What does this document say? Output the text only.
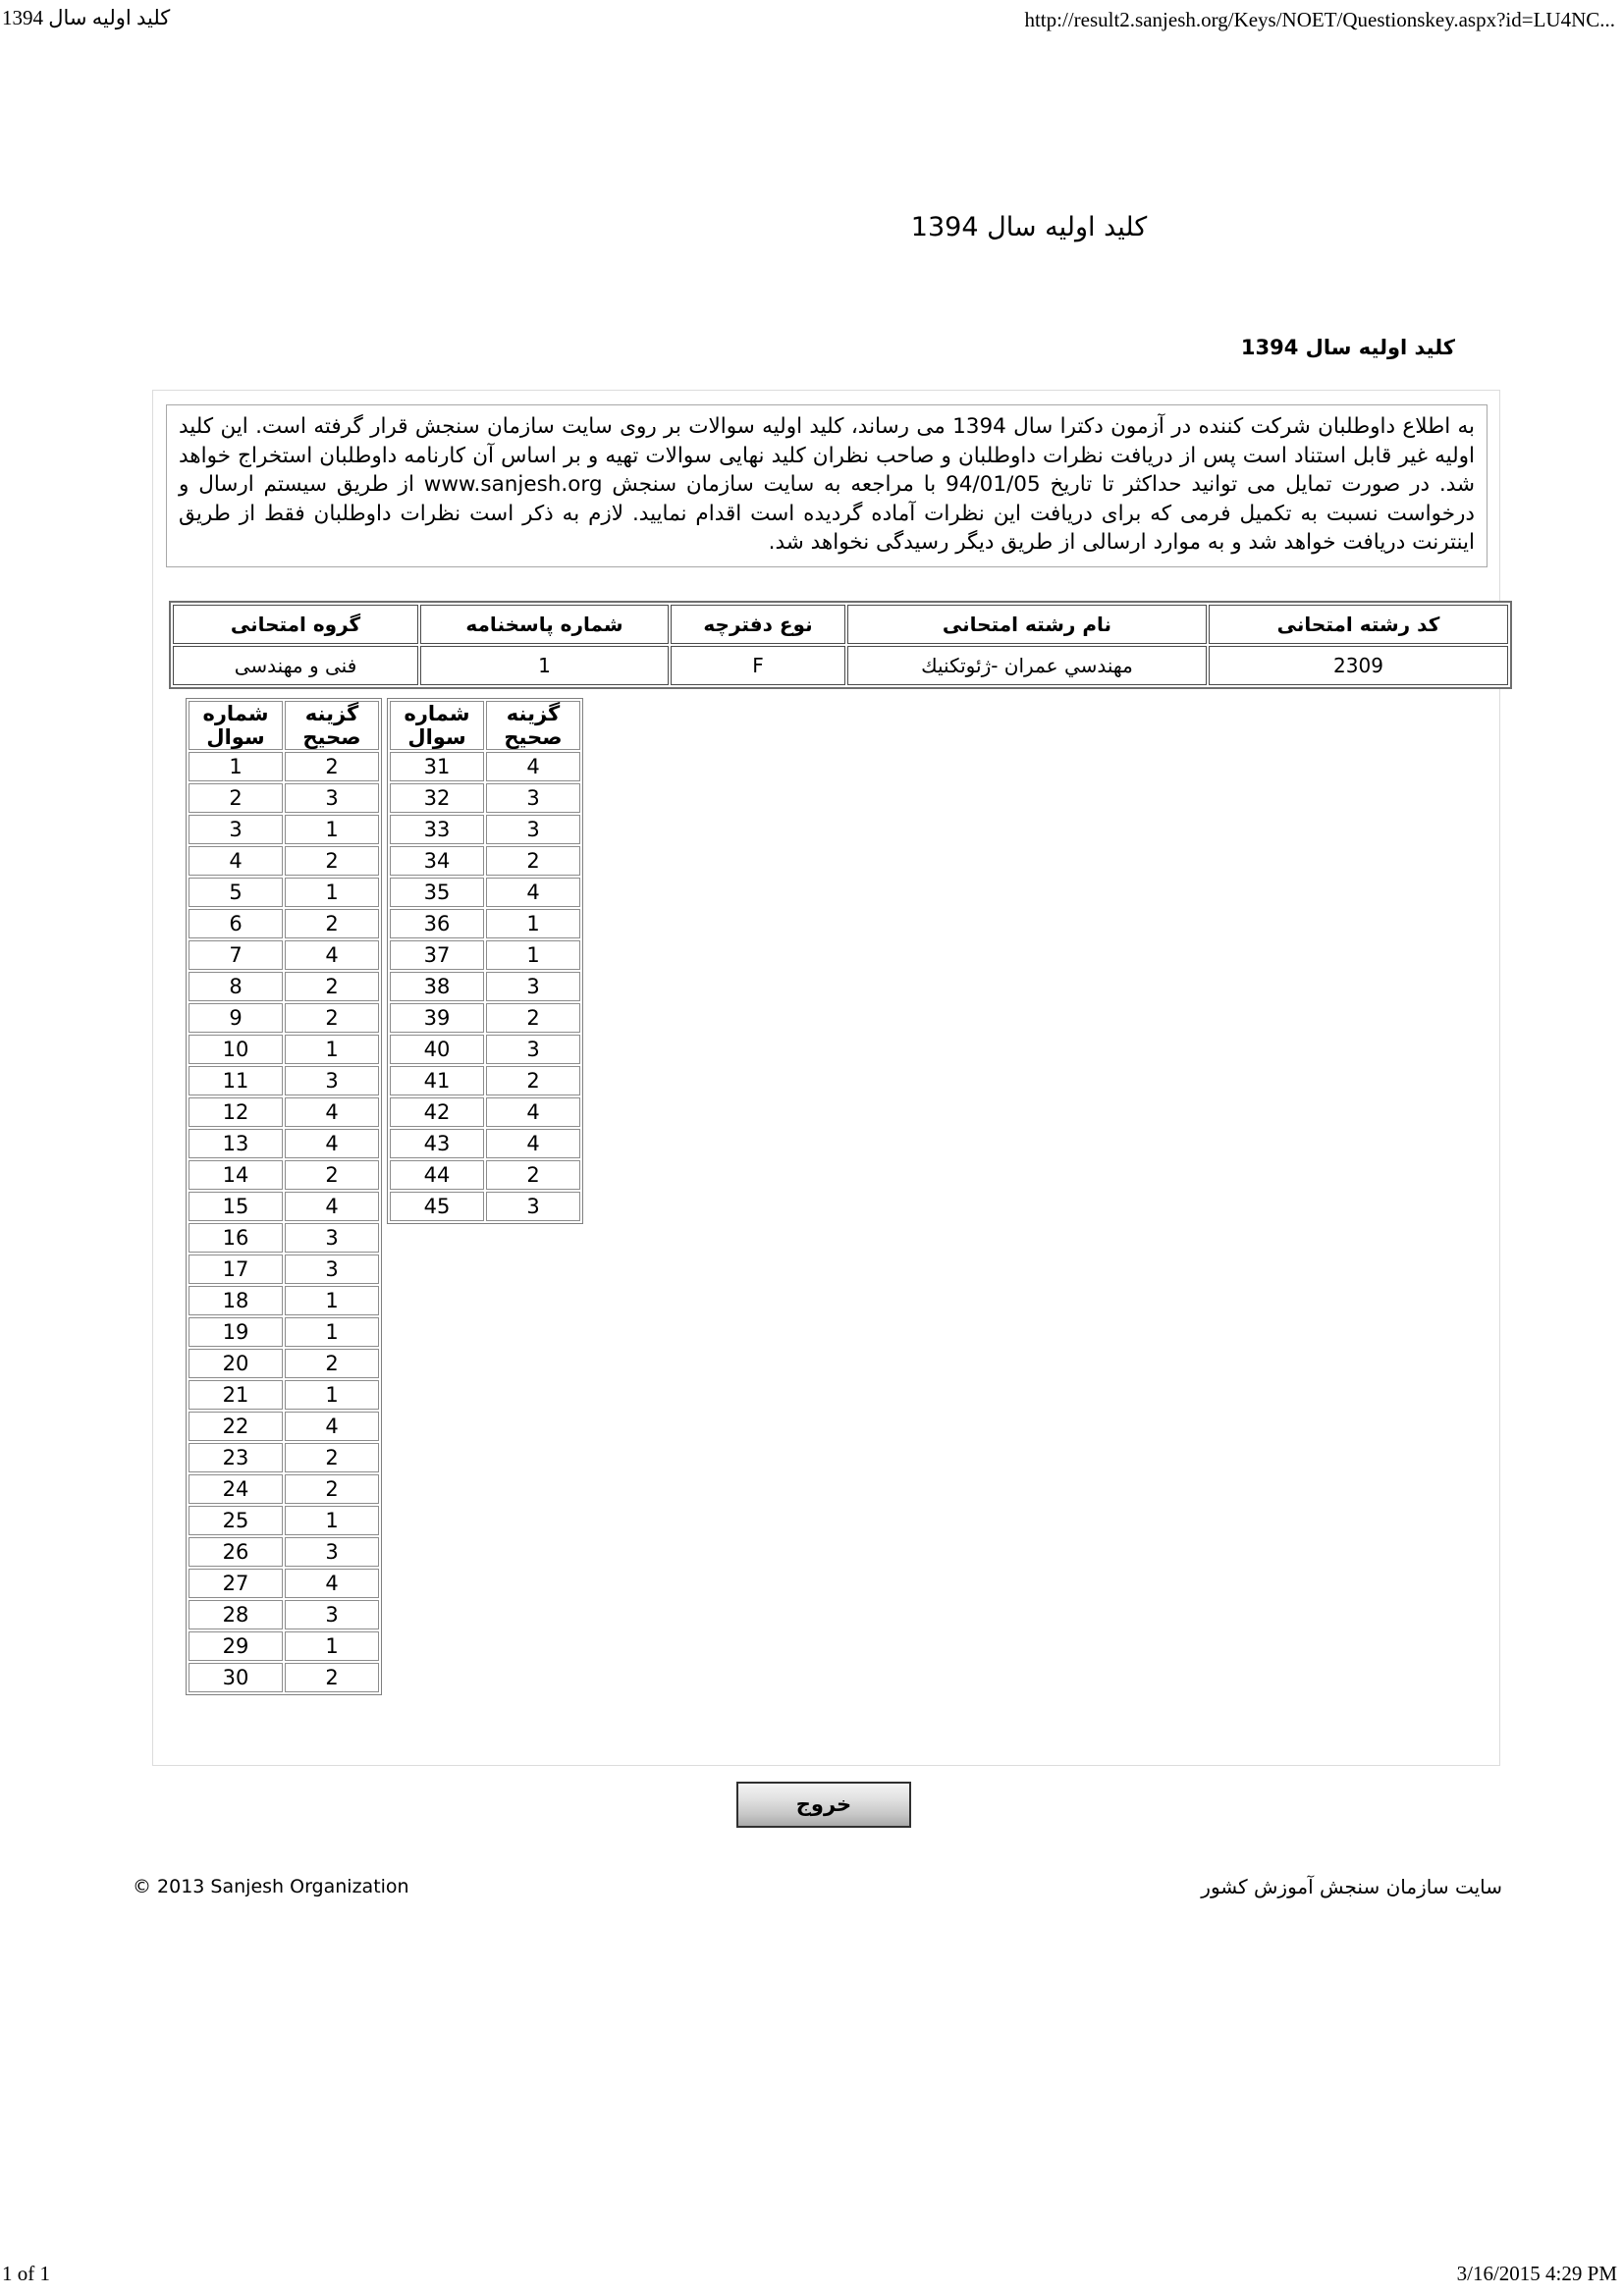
کلید اولیه سال 1394	http://result2.sanjesh.org/Keys/NOET/Questionskey.aspx?id=LU4NC...
کلید اولیه سال 1394
کلید اولیه سال 1394
به اطلاع داوطلبان شرکت کننده در آزمون دکترا سال 1394 می رساند، کلید اولیه سوالات بر روی سایت سازمان سنجش قرار گرفته است. این کلید اولیه غیر قابل استناد است پس از دریافت نظرات داوطلبان و صاحب نظران کلید نهایی سوالات تهیه و بر اساس آن کارنامه داوطلبان استخراج خواهد شد. در صورت تمایل می توانید حداکثر تا تاریخ 94/01/05 با مراجعه به سایت سازمان سنجش www.sanjesh.org از طریق سیستم ارسال و درخواست نسبت به تکمیل فرمی که برای دریافت این نظرات آماده گردیده است اقدام نمایید. لازم به ذکر است نظرات داوطلبان فقط از طریق اینترنت دریافت خواهد شد و به موارد ارسالی از طریق دیگر رسیدگی نخواهد شد.
کد رشته امتحانی	نام رشته امتحانی	نوع دفترچه	شماره پاسخنامه	گروه امتحانی
2309	مهندسي عمران -ژئوتكنيك	F	1	فنی و مهندسی
شماره
سوال	گزینه
صحیح
1	2
2	3
3	1
4	2
5	1
6	2
7	4
8	2
9	2
10	1
11	3
12	4
13	4
14	2
15	4
16	3
17	3
18	1
19	1
20	2
21	1
22	4
23	2
24	2
25	1
26	3
27	4
28	3
29	1
30	2
شماره
سوال	گزینه
صحیح
31	4
32	3
33	3
34	2
35	4
36	1
37	1
38	3
39	2
40	3
41	2
42	4
43	4
44	2
45	3
خروج
© 2013 Sanjesh Organization	سایت سازمان سنجش آموزش کشور
1 of 1	3/16/2015 4:29 PM
